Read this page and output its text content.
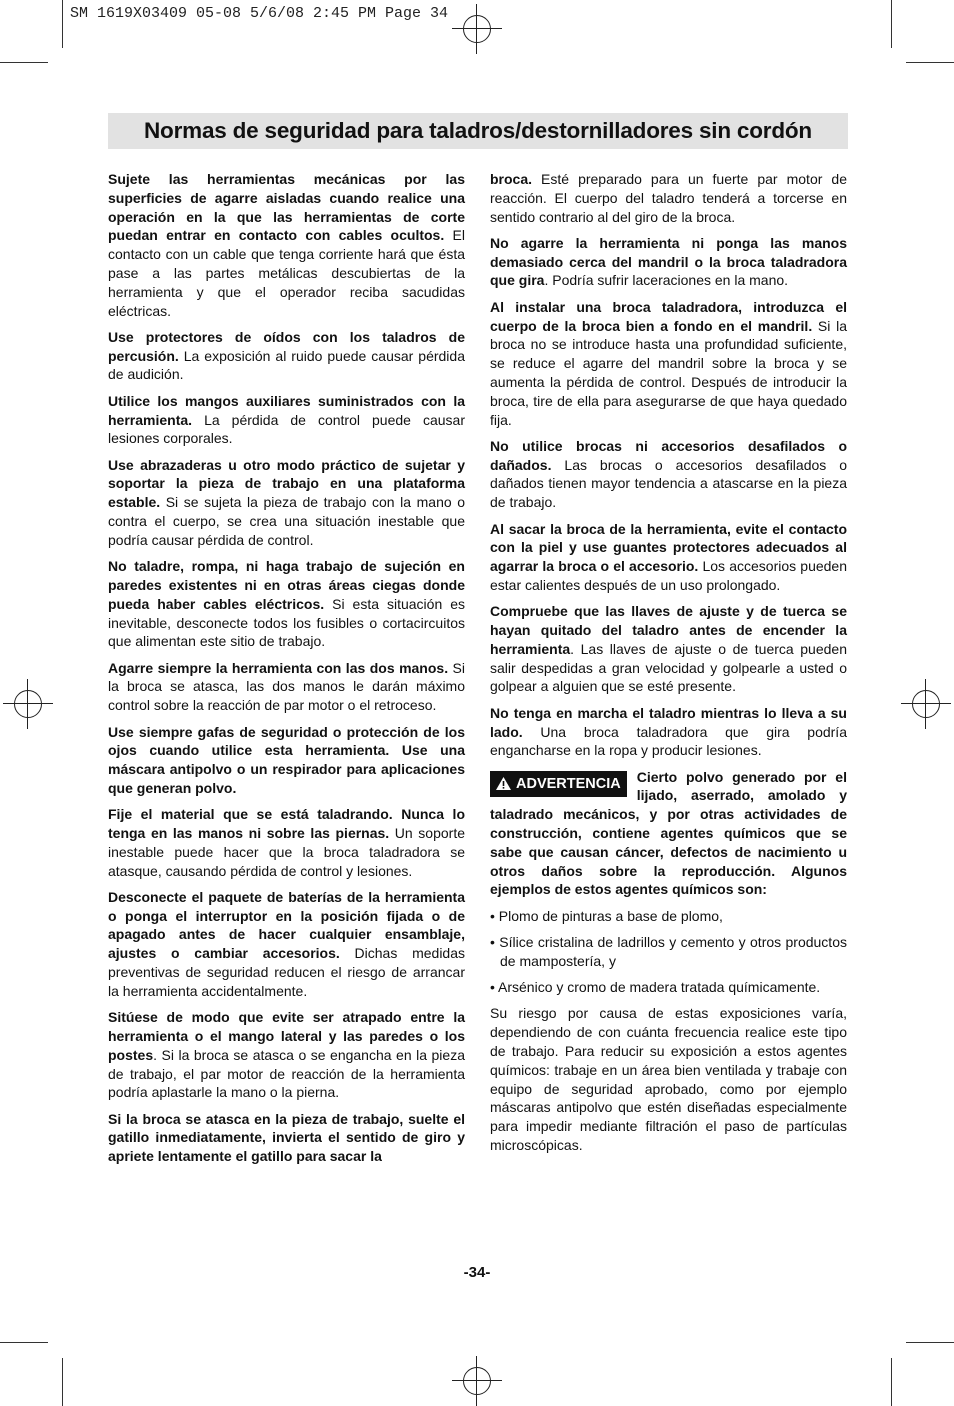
SM 1619X03409 05-08 5/6/08 2:45 PM Page 34
Normas de seguridad para taladros/destornilladores sin cordón

Sujete las herramientas mecánicas por las superficies de agarre aisladas cuando realice una operación en la que las herramientas de corte puedan entrar en contacto con cables ocultos. El contacto con un cable que tenga corriente hará que ésta pase a las partes metálicas descubiertas de la herramienta y que el operador reciba sacudidas eléctricas.

Use protectores de oídos con los taladros de percusión. La exposición al ruido puede causar pérdida de audición.

Utilice los mangos auxiliares suministrados con la herramienta. La pérdida de control puede causar lesiones corporales.

Use abrazaderas u otro modo práctico de sujetar y soportar la pieza de trabajo en una plataforma estable. Si se sujeta la pieza de trabajo con la mano o contra el cuerpo, se crea una situación inestable que podría causar pérdida de control.

No taladre, rompa, ni haga trabajo de sujeción en paredes existentes ni en otras áreas ciegas donde pueda haber cables eléctricos. Si esta situación es inevitable, desconecte todos los fusibles o cortacircuitos que alimentan este sitio de trabajo.

Agarre siempre la herramienta con las dos manos. Si la broca se atasca, las dos manos le darán máximo control sobre la reacción de par motor o el retroceso.

Use siempre gafas de seguridad o protección de los ojos cuando utilice esta herramienta. Use una máscara antipolvo o un respirador para aplicaciones que generan polvo.

Fije el material que se está taladrando. Nunca lo tenga en las manos ni sobre las piernas. Un soporte inestable puede hacer que la broca taladradora se atasque, causando pérdida de control y lesiones.

Desconecte el paquete de baterías de la herramienta o ponga el interruptor en la posición fijada o de apagado antes de hacer cualquier ensamblaje, ajustes o cambiar accesorios. Dichas medidas preventivas de seguridad reducen el riesgo de arrancar la herramienta accidentalmente.

Sitúese de modo que evite ser atrapado entre la herramienta o el mango lateral y las paredes o los postes. Si la broca se atasca o se engancha en la pieza de trabajo, el par motor de reacción de la herramienta podría aplastarle la mano o la pierna.

Si la broca se atasca en la pieza de trabajo, suelte el gatillo inmediatamente, invierta el sentido de giro y apriete lentamente el gatillo para sacar la

broca. Esté preparado para un fuerte par motor de reacción. El cuerpo del taladro tenderá a torcerse en sentido contrario al del giro de la broca.

No agarre la herramienta ni ponga las manos demasiado cerca del mandril o la broca taladradora que gira. Podría sufrir laceraciones en la mano.

Al instalar una broca taladradora, introduzca el cuerpo de la broca bien a fondo en el mandril. Si la broca no se introduce hasta una profundidad suficiente, se reduce el agarre del mandril sobre la broca y se aumenta la pérdida de control. Después de introducir la broca, tire de ella para asegurarse de que haya quedado fija.

No utilice brocas ni accesorios desafilados o dañados. Las brocas o accesorios desafilados o dañados tienen mayor tendencia a atascarse en la pieza de trabajo.

Al sacar la broca de la herramienta, evite el contacto con la piel y use guantes protectores adecuados al agarrar la broca o el accesorio. Los accesorios pueden estar calientes después de un uso prolongado.

Compruebe que las llaves de ajuste y de tuerca se hayan quitado del taladro antes de encender la herramienta. Las llaves de ajuste o de tuerca pueden salir despedidas a gran velocidad y golpearle a usted o golpear a alguien que se esté presente.

No tenga en marcha el taladro mientras lo lleva a su lado. Una broca taladradora que gira podría engancharse en la ropa y producir lesiones.

ADVERTENCIA Cierto polvo generado por el lijado, aserrado, amolado y taladrado mecánicos, y por otras actividades de construcción, contiene agentes químicos que se sabe que causan cáncer, defectos de nacimiento u otros daños sobre la reproducción. Algunos ejemplos de estos agentes químicos son:

• Plomo de pinturas a base de plomo,
• Sílice cristalina de ladrillos y cemento y otros productos de mampostería, y
• Arsénico y cromo de madera tratada químicamente.

Su riesgo por causa de estas exposiciones varía, dependiendo de con cuánta frecuencia realice este tipo de trabajo. Para reducir su exposición a estos agentes químicos: trabaje en un área bien ventilada y trabaje con equipo de seguridad aprobado, como por ejemplo máscaras antipolvo que estén diseñadas especialmente para impedir mediante filtración el paso de partículas microscópicas.

-34-
